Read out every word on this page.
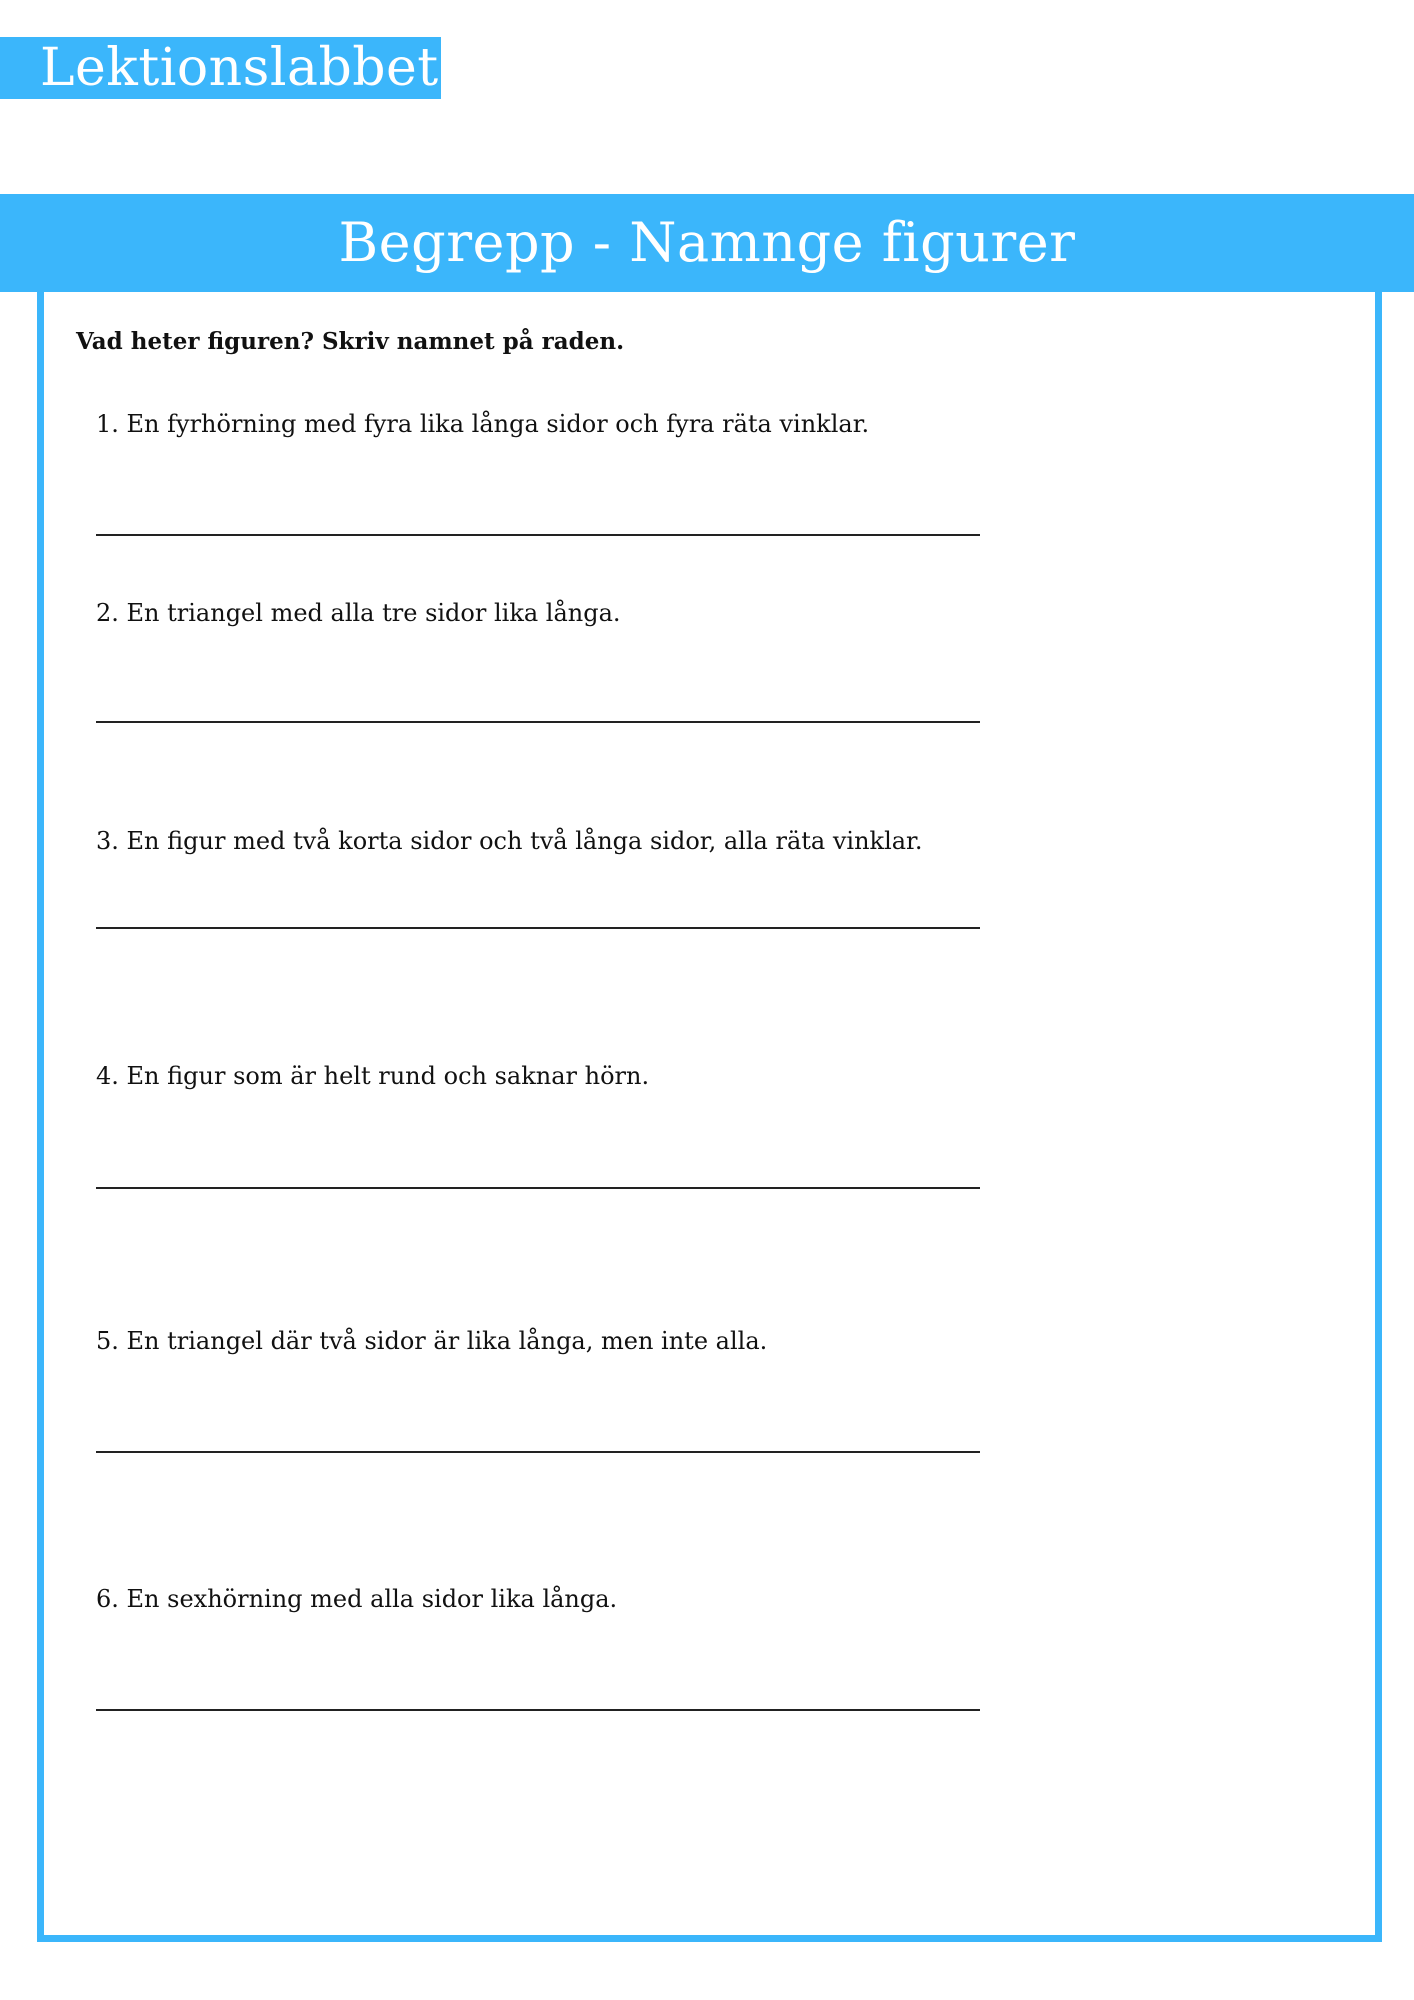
Lektionslabbet
Begrepp - Namnge figurer
Vad heter figuren? Skriv namnet på raden.
1. En fyrhörning med fyra lika långa sidor och fyra räta vinklar.
2. En triangel med alla tre sidor lika långa.
3. En figur med två korta sidor och två långa sidor, alla räta vinklar.
4. En figur som är helt rund och saknar hörn.
5. En triangel där två sidor är lika långa, men inte alla.
6. En sexhörning med alla sidor lika långa.
